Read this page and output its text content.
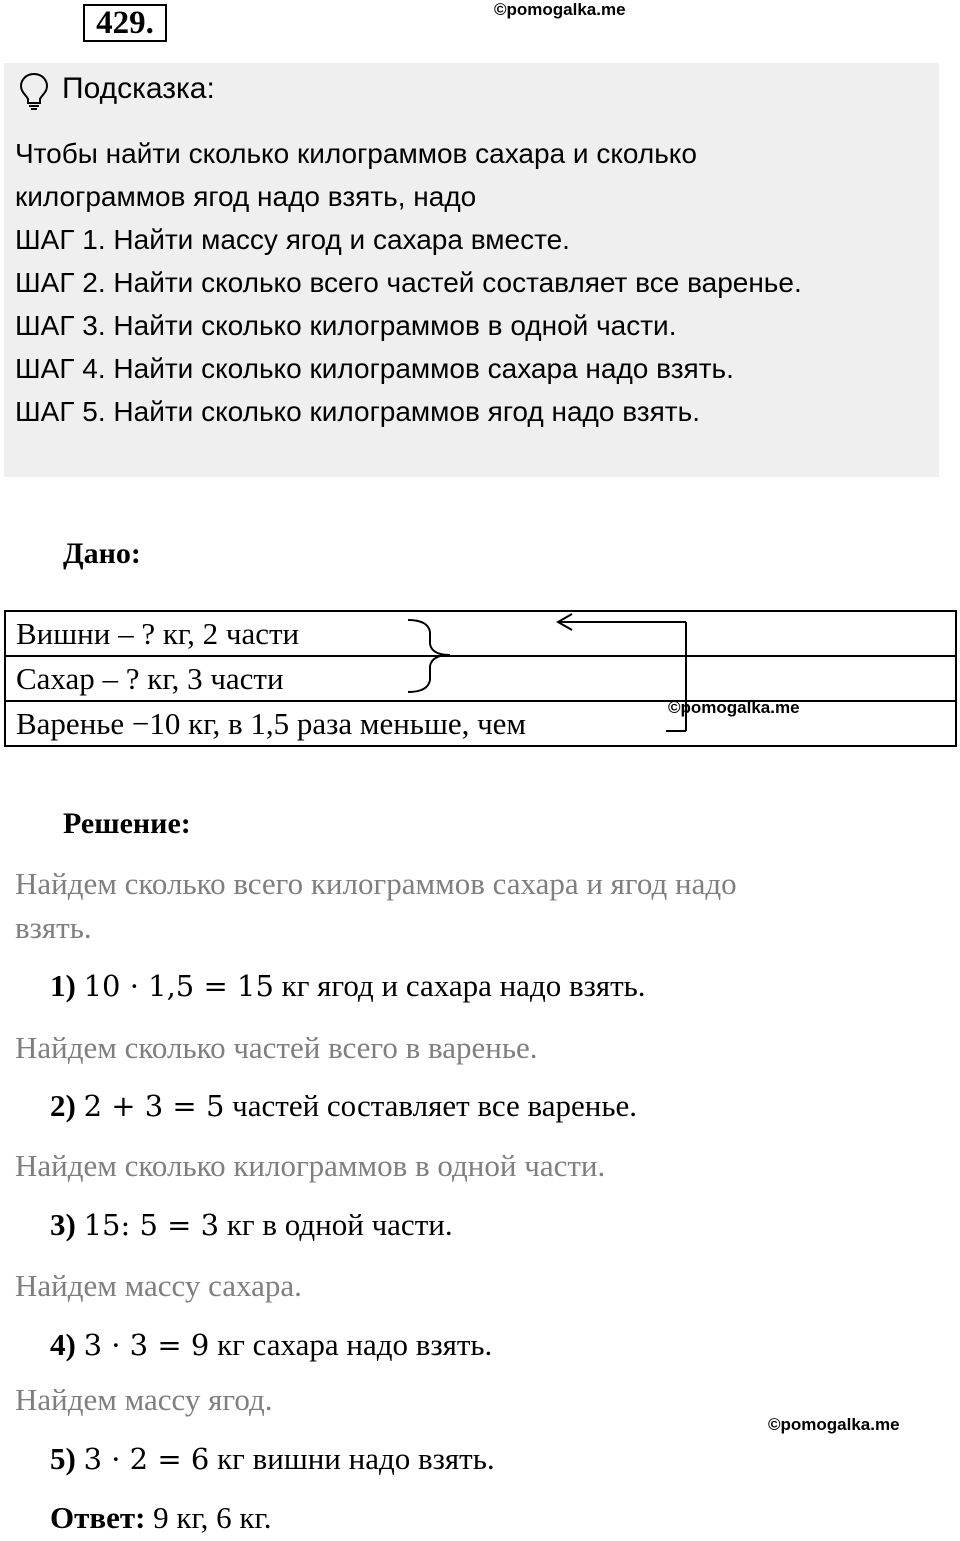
429.	©pomogalka.me
Подсказка:
Чтобы найти сколько килограммов сахара и сколько
килограммов ягод надо взять, надо
ШАГ 1. Найти массу ягод и сахара вместе.
ШАГ 2. Найти сколько всего частей составляет все варенье.
ШАГ 3. Найти сколько килограммов в одной части.
ШАГ 4. Найти сколько килограммов сахара надо взять.
ШАГ 5. Найти сколько килограммов ягод надо взять.
Дано:
Вишни – ? кг, 2 части
Сахар – ? кг, 3 части
Варенье −10 кг, в 1,5 раза меньше, чем	©pomogalka.me
Решение:
Найдем сколько всего килограммов сахара и ягод надо
взять.
1) 10 · 1,5 = 15 кг ягод и сахара надо взять.
Найдем сколько частей всего в варенье.
2) 2 + 3 = 5 частей составляет все варенье.
Найдем сколько килограммов в одной части.
3) 15: 5 = 3 кг в одной части.
Найдем массу сахара.
4) 3 · 3 = 9 кг сахара надо взять.
Найдем массу ягод.
©pomogalka.me
5) 3 · 2 = 6 кг вишни надо взять.
Ответ: 9 кг, 6 кг.
